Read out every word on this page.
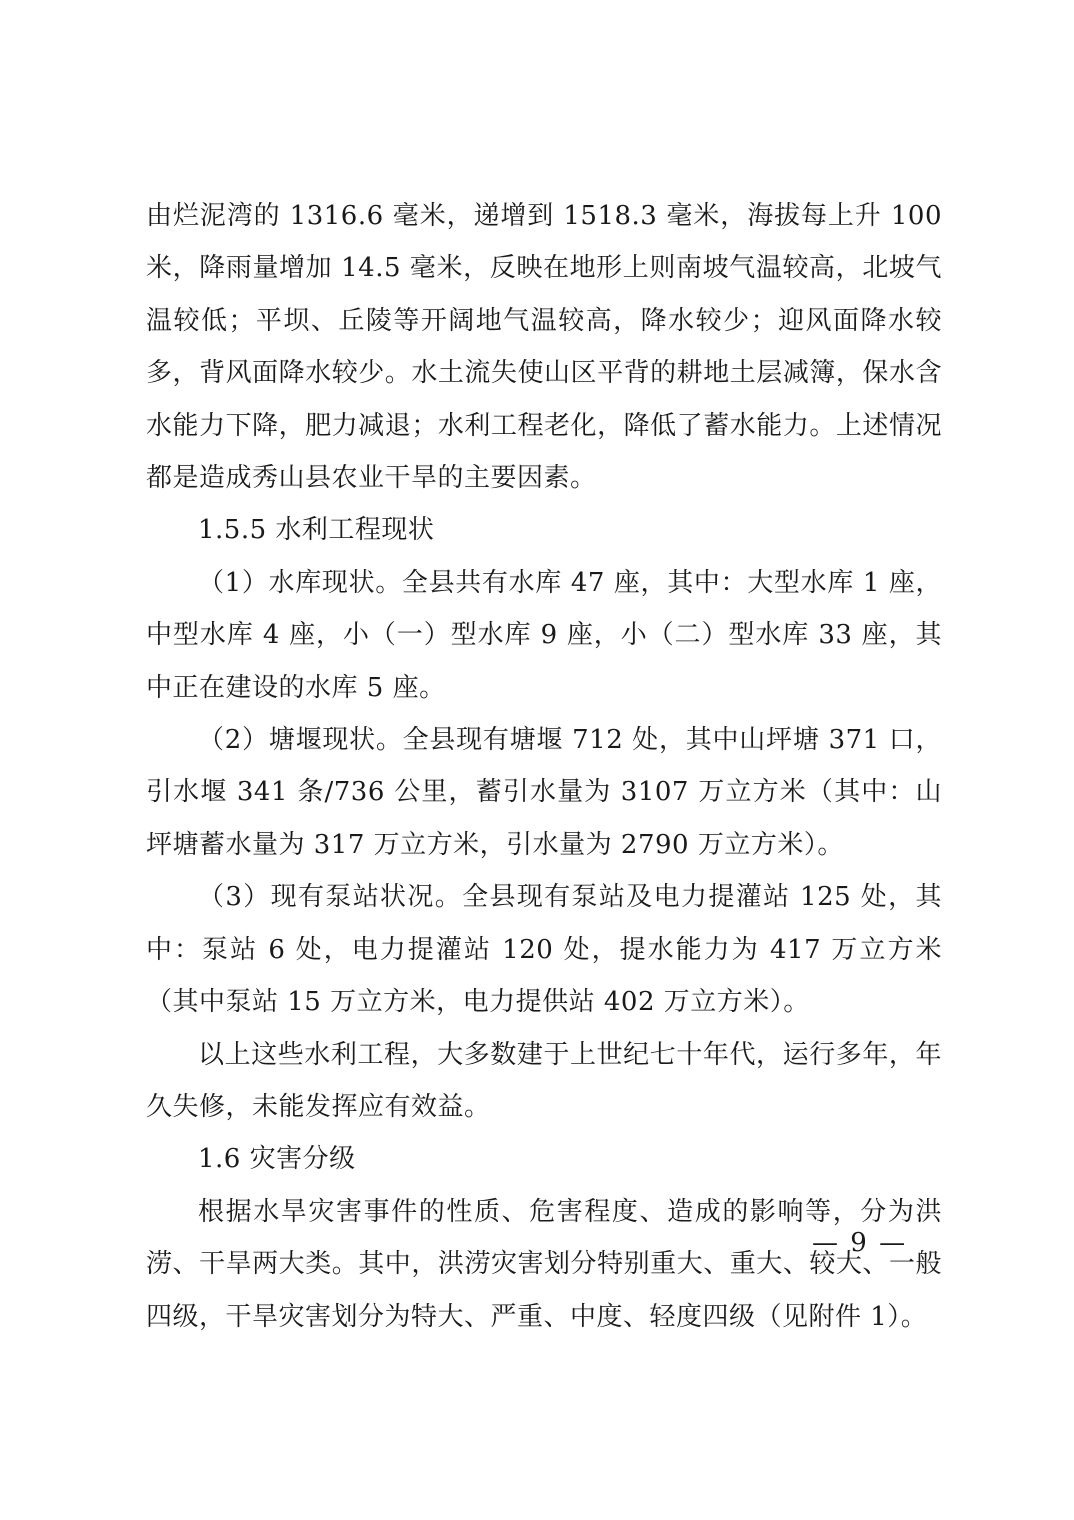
由烂泥湾的 1316.6 毫米，递增到 1518.3 毫米，海拔每上升 100 米，降雨量增加 14.5 毫米，反映在地形上则南坡气温较高，北坡气温较低；平坝、丘陵等开阔地气温较高，降水较少；迎风面降水较多，背风面降水较少。水土流失使山区平背的耕地土层减簿，保水含水能力下降，肥力减退；水利工程老化，降低了蓄水能力。上述情况都是造成秀山县农业干旱的主要因素。

1.5.5 水利工程现状

（1）水库现状。全县共有水库 47 座，其中：大型水库 1 座，中型水库 4 座，小（一）型水库 9 座，小（二）型水库 33 座，其中正在建设的水库 5 座。

（2）塘堰现状。全县现有塘堰 712 处，其中山坪塘 371 口，引水堰 341 条/736 公里，蓄引水量为 3107 万立方米（其中：山坪塘蓄水量为 317 万立方米，引水量为 2790 万立方米）。

（3）现有泵站状况。全县现有泵站及电力提灌站 125 处，其中：泵站 6 处，电力提灌站 120 处，提水能力为 417 万立方米（其中泵站 15 万立方米，电力提供站 402 万立方米）。

以上这些水利工程，大多数建于上世纪七十年代，运行多年，年久失修，未能发挥应有效益。

1.6 灾害分级

根据水旱灾害事件的性质、危害程度、造成的影响等，分为洪涝、干旱两大类。其中，洪涝灾害划分特别重大、重大、较大、一般四级，干旱灾害划分为特大、严重、中度、轻度四级（见附件 1）。

— 9 —
